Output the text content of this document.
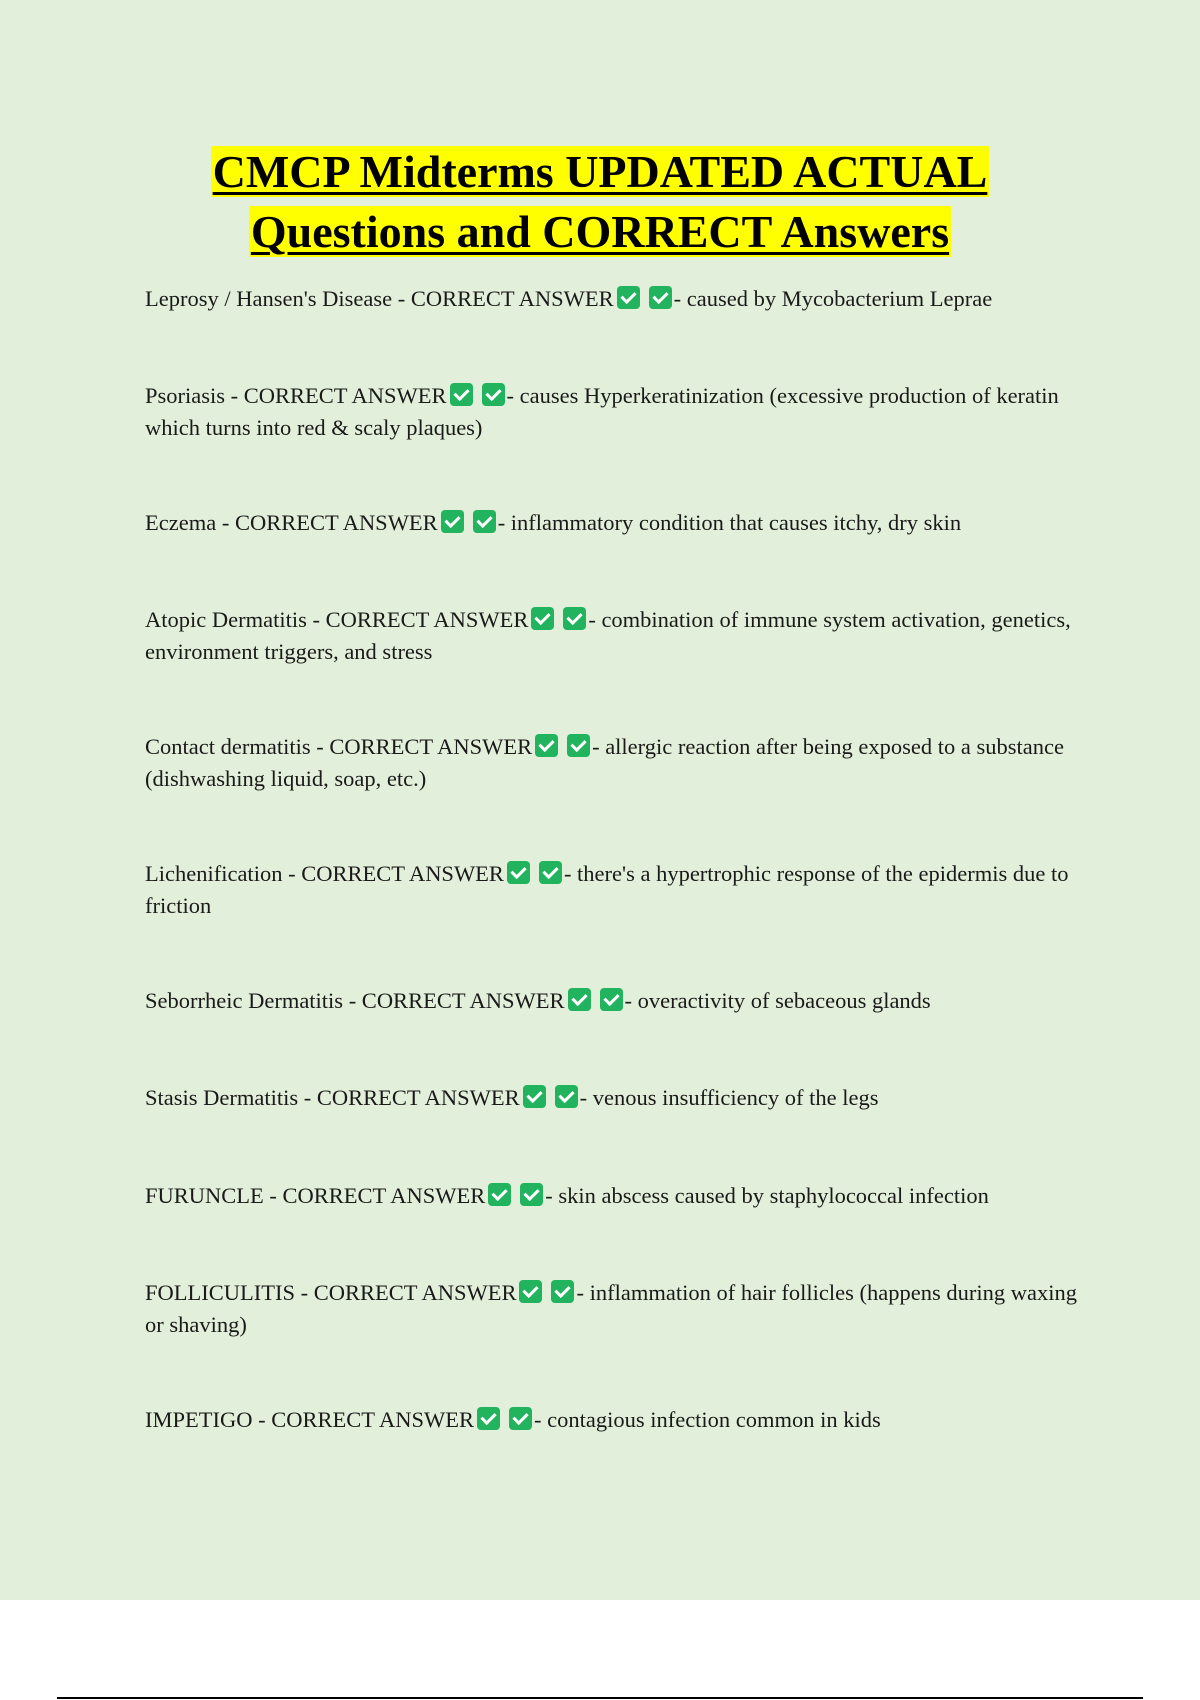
CMCP Midterms UPDATED ACTUAL
Questions and CORRECT Answers
Leprosy / Hansen's Disease - CORRECT ANSWER	- caused by Mycobacterium Leprae
Psoriasis - CORRECT ANSWER	- causes Hyperkeratinization (excessive production of keratin which turns into red & scaly plaques)
Eczema - CORRECT ANSWER	- inflammatory condition that causes itchy, dry skin
Atopic Dermatitis - CORRECT ANSWER	- combination of immune system activation, genetics, environment triggers, and stress
Contact dermatitis - CORRECT ANSWER	- allergic reaction after being exposed to a substance (dishwashing liquid, soap, etc.)
Lichenification - CORRECT ANSWER	- there's a hypertrophic response of the epidermis due to friction
Seborrheic Dermatitis - CORRECT ANSWER	- overactivity of sebaceous glands
Stasis Dermatitis - CORRECT ANSWER	- venous insufficiency of the legs
FURUNCLE - CORRECT ANSWER	- skin abscess caused by staphylococcal infection
FOLLICULITIS - CORRECT ANSWER	- inflammation of hair follicles (happens during waxing or shaving)
IMPETIGO - CORRECT ANSWER	- contagious infection common in kids
